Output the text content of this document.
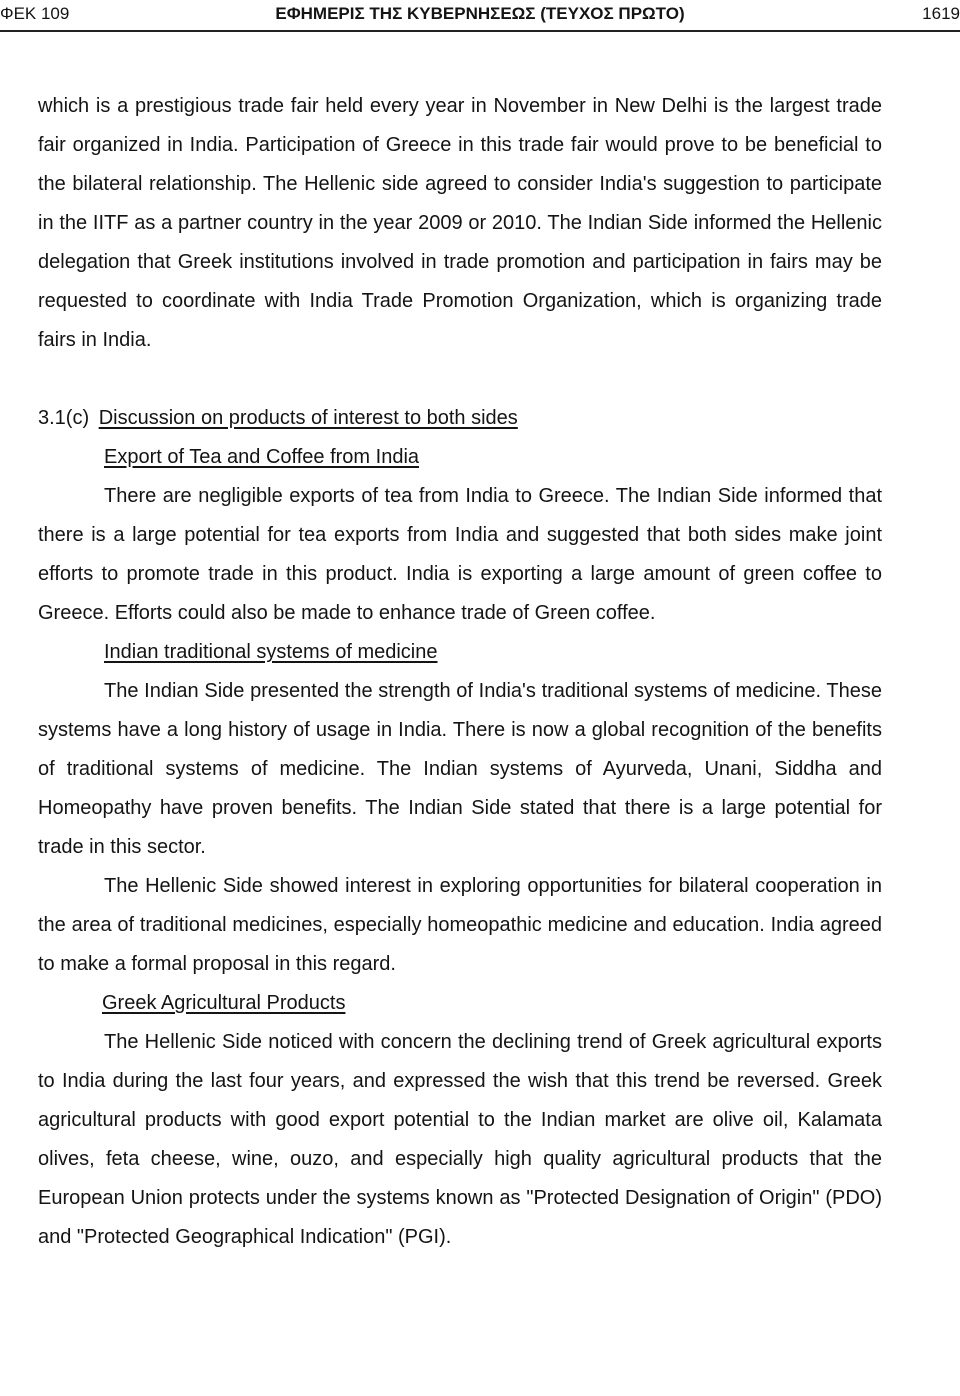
ΦΕΚ 109	ΕΦΗΜΕΡΙΣ ΤΗΣ ΚΥΒΕΡΝΗΣΕΩΣ (ΤΕΥΧΟΣ ΠΡΩΤΟ)	1619

which is a prestigious trade fair held every year in November in New Delhi is the largest trade fair organized in India. Participation of Greece in this trade fair would prove to be beneficial to the bilateral relationship. The Hellenic side agreed to consider India's suggestion to participate in the IITF as a partner country in the year 2009 or 2010. The Indian Side informed the Hellenic delegation that Greek institutions involved in trade promotion and participation in fairs may be requested to coordinate with India Trade Promotion Organization, which is organizing trade fairs in India.

3.1(c) Discussion on products of interest to both sides
Export of Tea and Coffee from India

There are negligible exports of tea from India to Greece. The Indian Side informed that there is a large potential for tea exports from India and suggested that both sides make joint efforts to promote trade in this product. India is exporting a large amount of green coffee to Greece. Efforts could also be made to enhance trade of Green coffee.

Indian traditional systems of medicine

The Indian Side presented the strength of India's traditional systems of medicine. These systems have a long history of usage in India. There is now a global recognition of the benefits of traditional systems of medicine. The Indian systems of Ayurveda, Unani, Siddha and Homeopathy have proven benefits. The Indian Side stated that there is a large potential for trade in this sector.

The Hellenic Side showed interest in exploring opportunities for bilateral cooperation in the area of traditional medicines, especially homeopathic medicine and education. India agreed to make a formal proposal in this regard.

Greek Agricultural Products

The Hellenic Side noticed with concern the declining trend of Greek agricultural exports to India during the last four years, and expressed the wish that this trend be reversed. Greek agricultural products with good export potential to the Indian market are olive oil, Kalamata olives, feta cheese, wine, ouzo, and especially high quality agricultural products that the European Union protects under the systems known as "Protected Designation of Origin" (PDO) and "Protected Geographical Indication" (PGI).
